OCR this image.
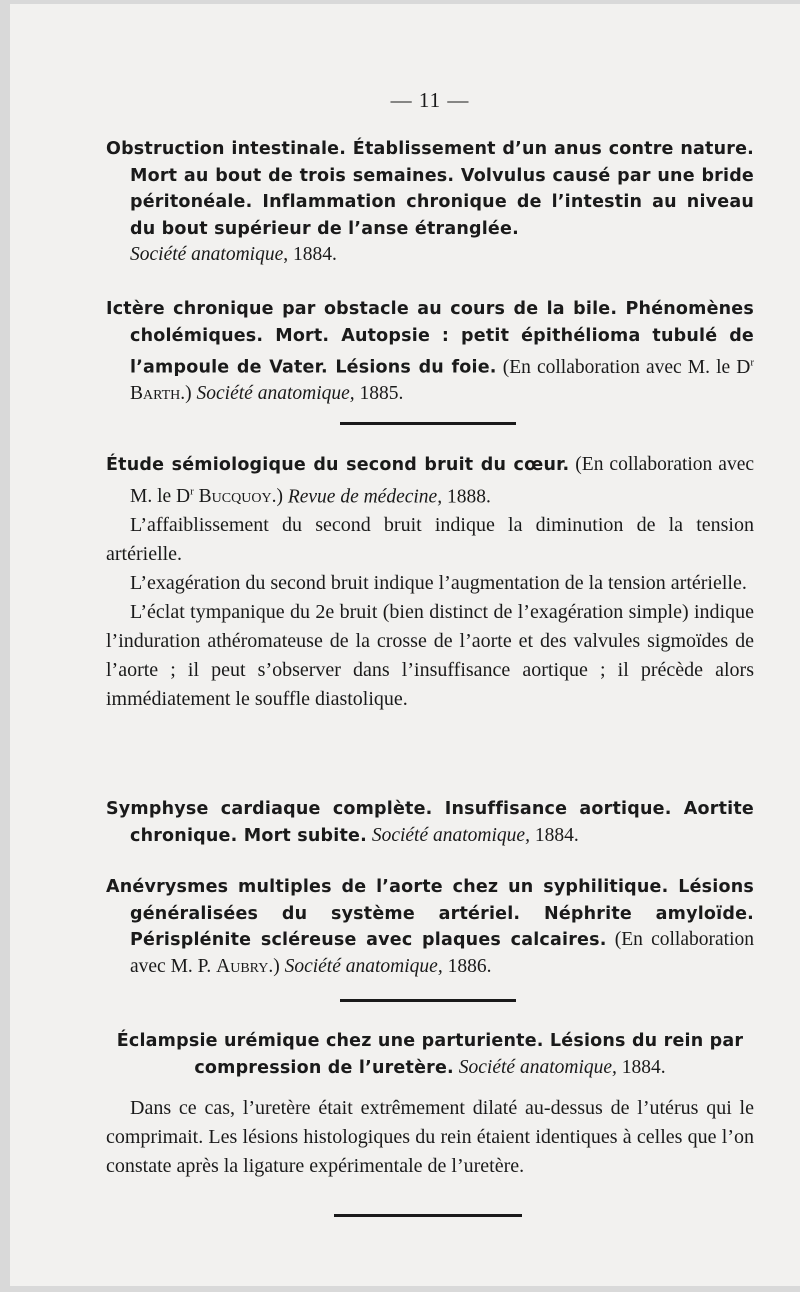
— 11 —

Obstruction intestinale. Établissement d’un anus contre nature. Mort au bout de trois semaines. Volvulus causé par une bride péritonéale. Inflammation chronique de l’intestin au niveau du bout supérieur de l’anse étranglée.
Société anatomique, 1884.

Ictère chronique par obstacle au cours de la bile. Phénomènes cholémiques. Mort. Autopsie : petit épithélioma tubulé de l’ampoule de Vater. Lésions du foie. (En collaboration avec M. le $D^r$ Barth.) Société anatomique, 1885.

Étude sémiologique du second bruit du cœur. (En collaboration avec M. le $D^r$ Bucquoy.) Revue de médecine, 1888.

L’affaiblissement du second bruit indique la diminution de la tension artérielle.

L’exagération du second bruit indique l’augmentation de la tension artérielle.

L’éclat tympanique du 2e bruit (bien distinct de l’exagération simple) indique l’induration athéromateuse de la crosse de l’aorte et des valvules sigmoïdes de l’aorte ; il peut s’observer dans l’insuffisance aortique ; il précède alors immédiatement le souffle diastolique.

Symphyse cardiaque complète. Insuffisance aortique. Aortite chronique. Mort subite. Société anatomique, 1884.

Anévrysmes multiples de l’aorte chez un syphilitique. Lésions généralisées du système artériel. Néphrite amyloïde. Périsplénite scléreuse avec plaques calcaires. (En collaboration avec M. P. Aubry.) Société anatomique, 1886.

Éclampsie urémique chez une parturiente. Lésions du rein par compression de l’uretère. Société anatomique, 1884.

Dans ce cas, l’uretère était extrêmement dilaté au-dessus de l’utérus qui le comprimait. Les lésions histologiques du rein étaient identiques à celles que l’on constate après la ligature expérimentale de l’uretère.
